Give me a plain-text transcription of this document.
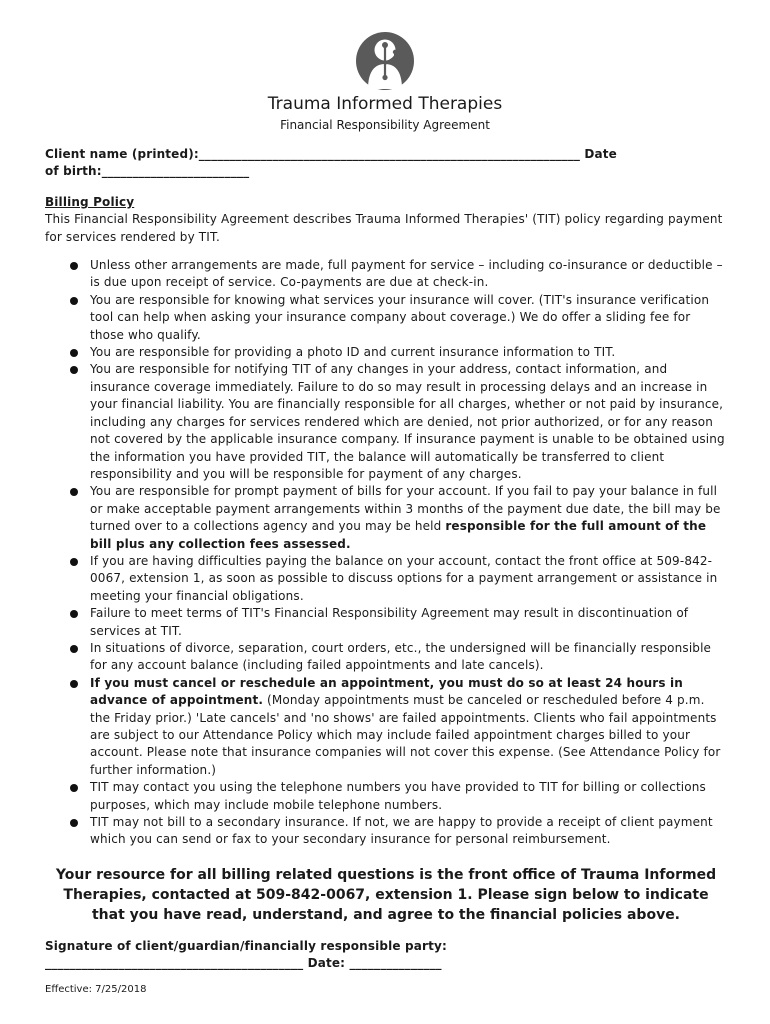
Trauma Informed Therapies

Financial Responsibility Agreement

Client name (printed):______________________________________________________________ Date
of birth:________________________

Billing Policy

This Financial Responsibility Agreement describes Trauma Informed Therapies' (TIT) policy regarding payment for services rendered by TIT.

Unless other arrangements are made, full payment for service – including co-insurance or deductible – is due upon receipt of service. Co-payments are due at check-in.
You are responsible for knowing what services your insurance will cover. (TIT's insurance verification tool can help when asking your insurance company about coverage.) We do offer a sliding fee for those who qualify.
You are responsible for providing a photo ID and current insurance information to TIT.
You are responsible for notifying TIT of any changes in your address, contact information, and insurance coverage immediately. Failure to do so may result in processing delays and an increase in your financial liability. You are financially responsible for all charges, whether or not paid by insurance, including any charges for services rendered which are denied, not prior authorized, or for any reason not covered by the applicable insurance company. If insurance payment is unable to be obtained using the information you have provided TIT, the balance will automatically be transferred to client responsibility and you will be responsible for payment of any charges.
You are responsible for prompt payment of bills for your account. If you fail to pay your balance in full or make acceptable payment arrangements within 3 months of the payment due date, the bill may be turned over to a collections agency and you may be held responsible for the full amount of the bill plus any collection fees assessed.
If you are having difficulties paying the balance on your account, contact the front office at 509-842-0067, extension 1, as soon as possible to discuss options for a payment arrangement or assistance in meeting your financial obligations.
Failure to meet terms of TIT's Financial Responsibility Agreement may result in discontinuation of services at TIT.
In situations of divorce, separation, court orders, etc., the undersigned will be financially responsible for any account balance (including failed appointments and late cancels).
If you must cancel or reschedule an appointment, you must do so at least 24 hours in advance of appointment. (Monday appointments must be canceled or rescheduled before 4 p.m. the Friday prior.) 'Late cancels' and 'no shows' are failed appointments. Clients who fail appointments are subject to our Attendance Policy which may include failed appointment charges billed to your account. Please note that insurance companies will not cover this expense. (See Attendance Policy for further information.)
TIT may contact you using the telephone numbers you have provided to TIT for billing or collections purposes, which may include mobile telephone numbers.
TIT may not bill to a secondary insurance. If not, we are happy to provide a receipt of client payment which you can send or fax to your secondary insurance for personal reimbursement.

Your resource for all billing related questions is the front office of Trauma Informed Therapies, contacted at 509-842-0067, extension 1. Please sign below to indicate that you have read, understand, and agree to the financial policies above.

Signature of client/guardian/financially responsible party:
__________________________________________ Date: _______________

Effective: 7/25/2018
